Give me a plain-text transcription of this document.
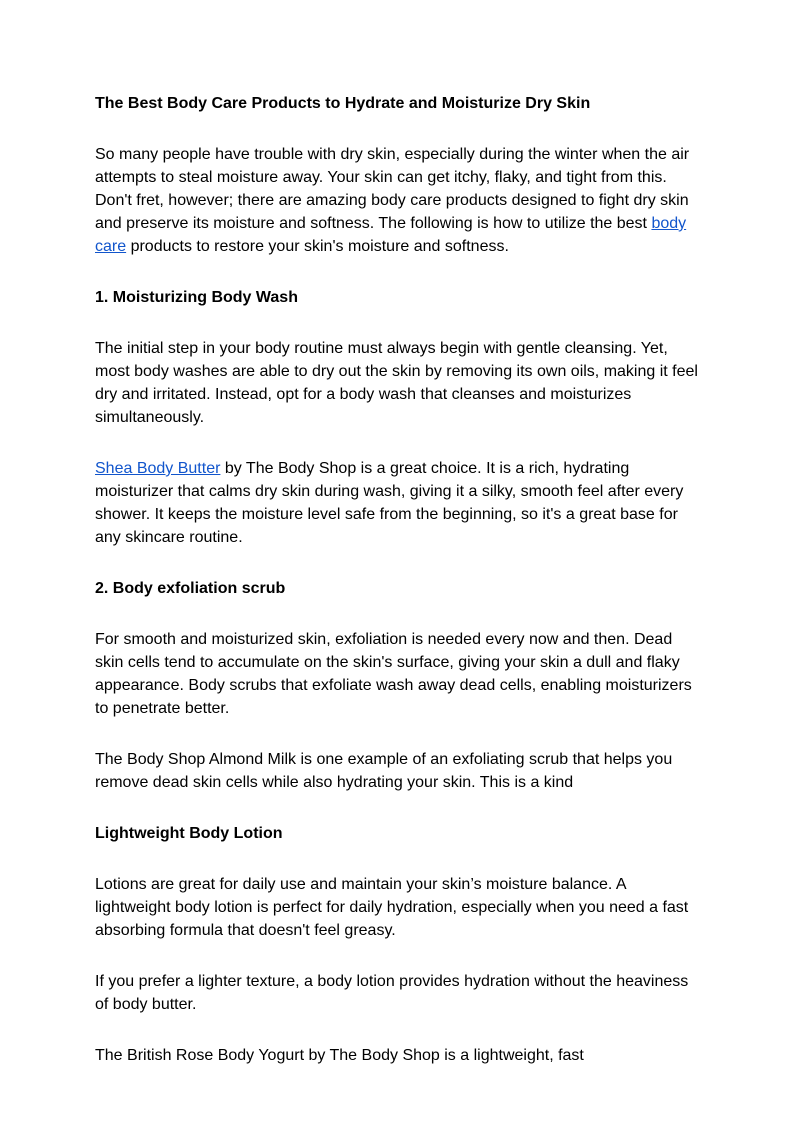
The Best Body Care Products to Hydrate and Moisturize Dry Skin

So many people have trouble with dry skin, especially during the winter when the air attempts to steal moisture away. Your skin can get itchy, flaky, and tight from this. Don't fret, however; there are amazing body care products designed to fight dry skin and preserve its moisture and softness. The following is how to utilize the best body care products to restore your skin's moisture and softness.

1. Moisturizing Body Wash

The initial step in your body routine must always begin with gentle cleansing. Yet, most body washes are able to dry out the skin by removing its own oils, making it feel dry and irritated. Instead, opt for a body wash that cleanses and moisturizes simultaneously.

Shea Body Butter by The Body Shop is a great choice. It is a rich, hydrating moisturizer that calms dry skin during wash, giving it a silky, smooth feel after every shower. It keeps the moisture level safe from the beginning, so it's a great base for any skincare routine.

2. Body exfoliation scrub

For smooth and moisturized skin, exfoliation is needed every now and then. Dead skin cells tend to accumulate on the skin's surface, giving your skin a dull and flaky appearance. Body scrubs that exfoliate wash away dead cells, enabling moisturizers to penetrate better.

The Body Shop Almond Milk is one example of an exfoliating scrub that helps you remove dead skin cells while also hydrating your skin. This is a kind

Lightweight Body Lotion

Lotions are great for daily use and maintain your skin’s moisture balance. A lightweight body lotion is perfect for daily hydration, especially when you need a fast absorbing formula that doesn't feel greasy.

If you prefer a lighter texture, a body lotion provides hydration without the heaviness of body butter.

The British Rose Body Yogurt by The Body Shop is a lightweight, fast
